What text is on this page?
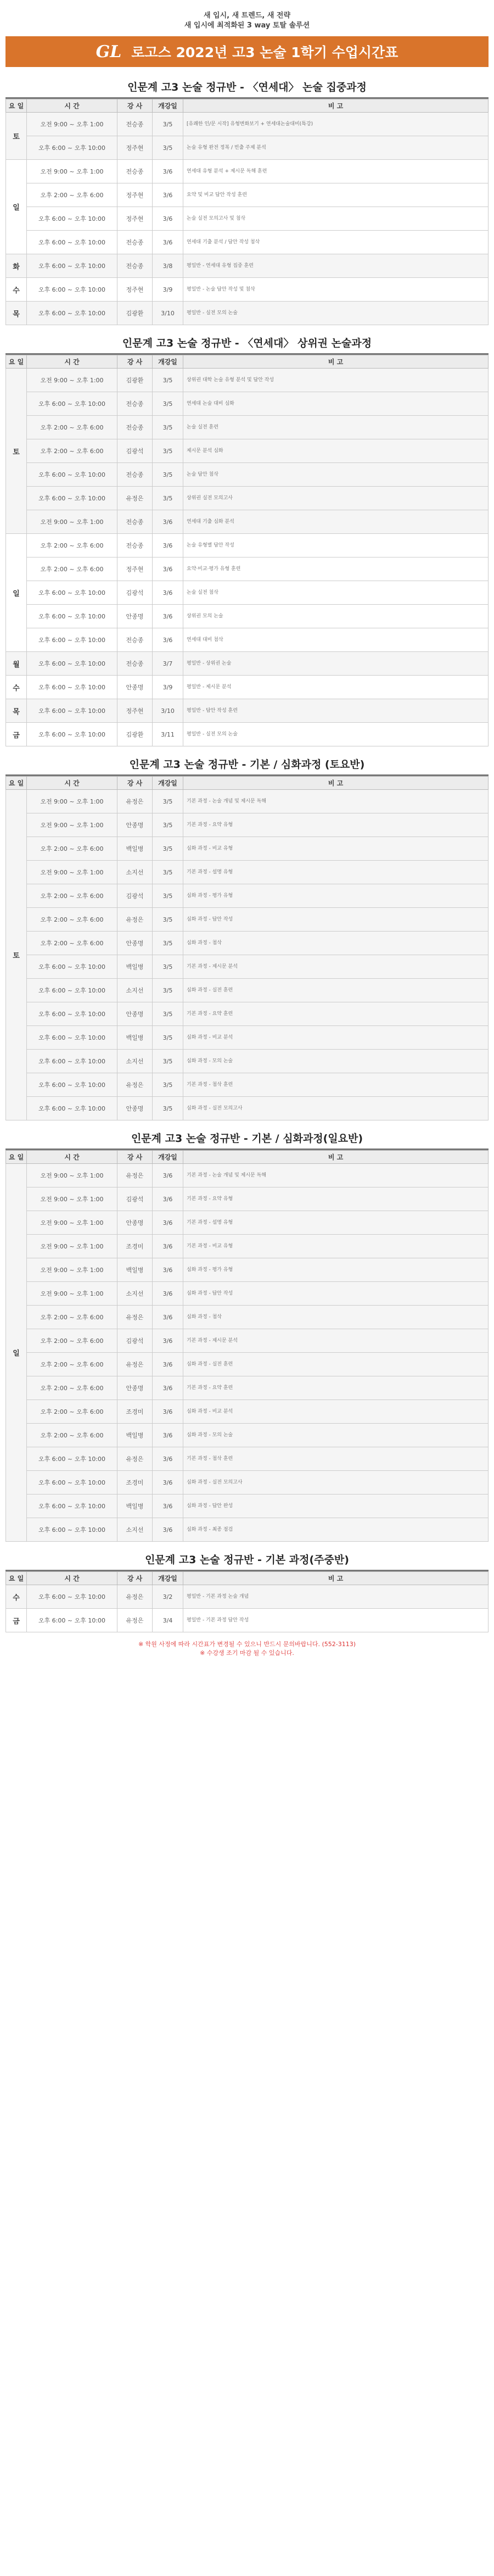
새 입시, 새 트렌드, 새 전략
새 입시에 최적화된 3 way 토탈 솔루션
GL 로고스 2022년 고3 논술 1학기 수업시간표
인문계 고3 논술 정규반 - 〈연세대〉 논술 집중과정
요 일	시 간	강 사	개강일	비 고
토	오전 9:00 ~ 오후 1:00	전승종	3/5	[유쾌한 인/문 시작] 유형변화보기 + 연세대논술대비(특강)
	오후 6:00 ~ 오후 10:00	정주현	3/5	논술 유형 완전 정복 / 빈출 주제 분석
일	오전 9:00 ~ 오후 1:00	전승종	3/6	연세대 유형 분석 + 제시문 독해 훈련
	오후 2:00 ~ 오후 6:00	정주현	3/6	요약 및 비교 답안 작성 훈련
	오후 6:00 ~ 오후 10:00	정주현	3/6	논술 실전 모의고사 및 첨삭
	오후 6:00 ~ 오후 10:00	전승종	3/6	연세대 기출 분석 / 답안 작성 첨삭
화	오후 6:00 ~ 오후 10:00	전승종	3/8	평일반 - 연세대 유형 집중 훈련
수	오후 6:00 ~ 오후 10:00	정주현	3/9	평일반 - 논술 답안 작성 및 첨삭
목	오후 6:00 ~ 오후 10:00	김광환	3/10	평일반 - 실전 모의 논술
인문계 고3 논술 정규반 - 〈연세대〉 상위권 논술과정
요 일	시 간	강 사	개강일	비 고
토	오전 9:00 ~ 오후 1:00	김광환	3/5	상위권 대학 논술 유형 분석 및 답안 작성
	오후 6:00 ~ 오후 10:00	전승종	3/5	연세대 논술 대비 심화
	오후 2:00 ~ 오후 6:00	전승종	3/5	논술 실전 훈련
	오후 2:00 ~ 오후 6:00	김광석	3/5	제시문 분석 심화
	오후 6:00 ~ 오후 10:00	전승종	3/5	논술 답안 첨삭
	오후 6:00 ~ 오후 10:00	유정은	3/5	상위권 실전 모의고사
	오전 9:00 ~ 오후 1:00	전승종	3/6	연세대 기출 심화 분석
일	오후 2:00 ~ 오후 6:00	전승종	3/6	논술 유형별 답안 작성
	오후 2:00 ~ 오후 6:00	정주현	3/6	요약·비교·평가 유형 훈련
	오후 6:00 ~ 오후 10:00	김광석	3/6	논술 실전 첨삭
	오후 6:00 ~ 오후 10:00	안종명	3/6	상위권 모의 논술
	오후 6:00 ~ 오후 10:00	전승종	3/6	연세대 대비 첨삭
월	오후 6:00 ~ 오후 10:00	전승종	3/7	평일반 - 상위권 논술
수	오후 6:00 ~ 오후 10:00	안종명	3/9	평일반 - 제시문 분석
목	오후 6:00 ~ 오후 10:00	정주현	3/10	평일반 - 답안 작성 훈련
금	오후 6:00 ~ 오후 10:00	김광환	3/11	평일반 - 실전 모의 논술
인문계 고3 논술 정규반 - 기본 / 심화과정 (토요반)
요 일	시 간	강 사	개강일	비 고
토	오전 9:00 ~ 오후 1:00	유정은	3/5	기본 과정 - 논술 개념 및 제시문 독해
	오전 9:00 ~ 오후 1:00	안종명	3/5	기본 과정 - 요약 유형
	오후 2:00 ~ 오후 6:00	백일병	3/5	심화 과정 - 비교 유형
	오전 9:00 ~ 오후 1:00	소지선	3/5	기본 과정 - 설명 유형
	오후 2:00 ~ 오후 6:00	김광석	3/5	심화 과정 - 평가 유형
	오후 2:00 ~ 오후 6:00	유정은	3/5	심화 과정 - 답안 작성
	오후 2:00 ~ 오후 6:00	안종명	3/5	심화 과정 - 첨삭
	오후 6:00 ~ 오후 10:00	백일병	3/5	기본 과정 - 제시문 분석
	오후 6:00 ~ 오후 10:00	소지선	3/5	심화 과정 - 실전 훈련
	오후 6:00 ~ 오후 10:00	안종명	3/5	기본 과정 - 요약 훈련
	오후 6:00 ~ 오후 10:00	백일병	3/5	심화 과정 - 비교 분석
	오후 6:00 ~ 오후 10:00	소지선	3/5	심화 과정 - 모의 논술
	오후 6:00 ~ 오후 10:00	유정은	3/5	기본 과정 - 첨삭 훈련
	오후 6:00 ~ 오후 10:00	안종명	3/5	심화 과정 - 실전 모의고사
인문계 고3 논술 정규반 - 기본 / 심화과정(일요반)
요 일	시 간	강 사	개강일	비 고
일	오전 9:00 ~ 오후 1:00	유정은	3/6	기본 과정 - 논술 개념 및 제시문 독해
	오전 9:00 ~ 오후 1:00	김광석	3/6	기본 과정 - 요약 유형
	오전 9:00 ~ 오후 1:00	안종명	3/6	기본 과정 - 설명 유형
	오전 9:00 ~ 오후 1:00	조경미	3/6	기본 과정 - 비교 유형
	오전 9:00 ~ 오후 1:00	백일병	3/6	심화 과정 - 평가 유형
	오전 9:00 ~ 오후 1:00	소지선	3/6	심화 과정 - 답안 작성
	오후 2:00 ~ 오후 6:00	유정은	3/6	심화 과정 - 첨삭
	오후 2:00 ~ 오후 6:00	김광석	3/6	기본 과정 - 제시문 분석
	오후 2:00 ~ 오후 6:00	유정은	3/6	심화 과정 - 실전 훈련
	오후 2:00 ~ 오후 6:00	안종명	3/6	기본 과정 - 요약 훈련
	오후 2:00 ~ 오후 6:00	조경미	3/6	심화 과정 - 비교 분석
	오후 2:00 ~ 오후 6:00	백일병	3/6	심화 과정 - 모의 논술
	오후 6:00 ~ 오후 10:00	유정은	3/6	기본 과정 - 첨삭 훈련
	오후 6:00 ~ 오후 10:00	조경미	3/6	심화 과정 - 실전 모의고사
	오후 6:00 ~ 오후 10:00	백일병	3/6	심화 과정 - 답안 완성
	오후 6:00 ~ 오후 10:00	소지선	3/6	심화 과정 - 최종 점검
인문계 고3 논술 정규반 - 기본 과정(주중반)
요 일	시 간	강 사	개강일	비 고
수	오후 6:00 ~ 오후 10:00	유정은	3/2	평일반 - 기본 과정 논술 개념
금	오후 6:00 ~ 오후 10:00	유정은	3/4	평일반 - 기본 과정 답안 작성
※ 학원 사정에 따라 시간표가 변경될 수 있으니 반드시 문의바랍니다. (552-3113)
※ 수강생 조기 마감 될 수 있습니다.
